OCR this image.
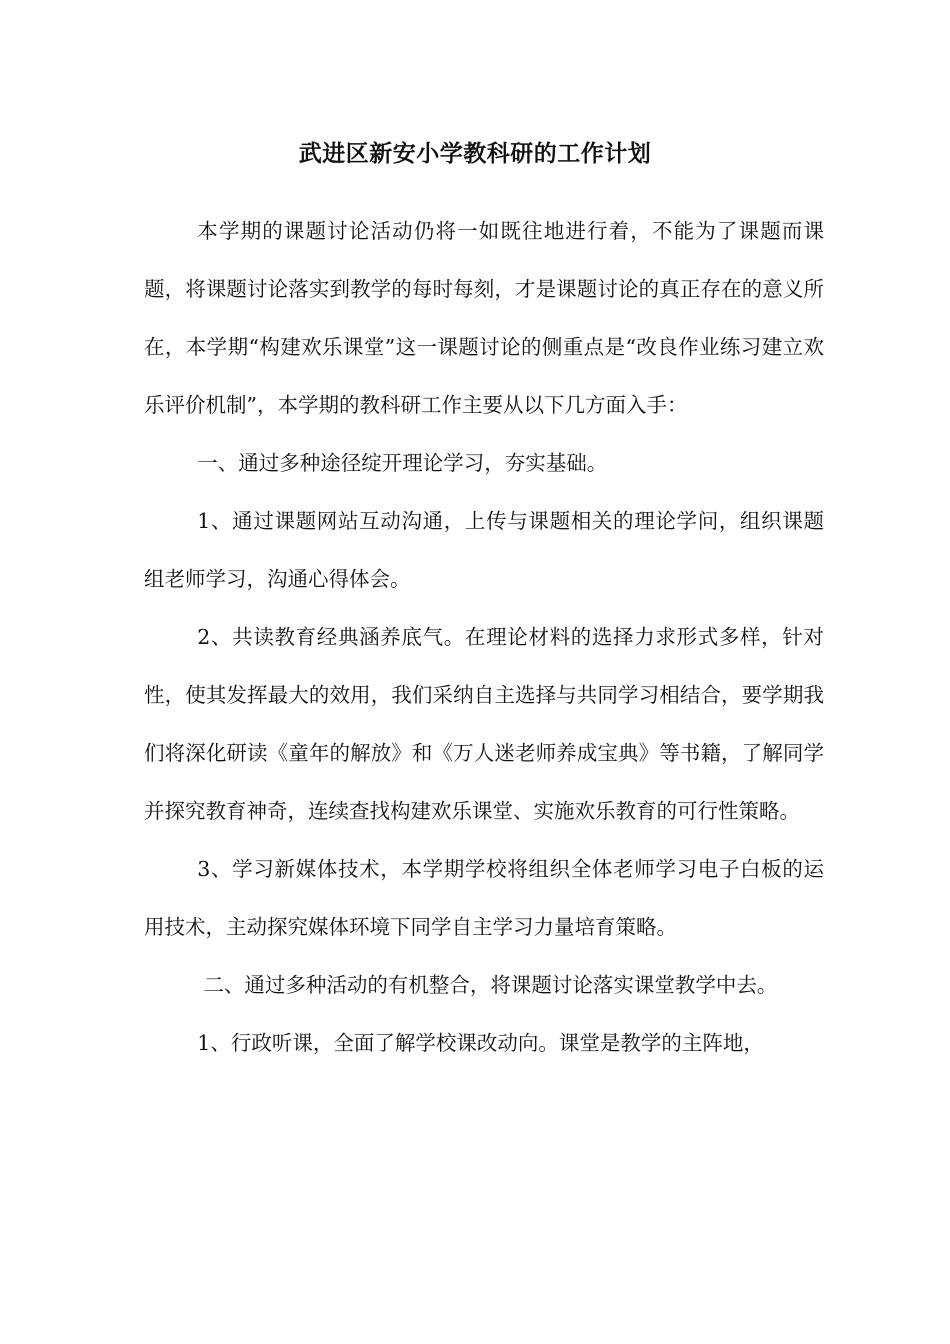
武进区新安小学教科研的工作计划

本学期的课题讨论活动仍将一如既往地进行着，不能为了课题而课题，将课题讨论落实到教学的每时每刻，才是课题讨论的真正存在的意义所在，本学期“构建欢乐课堂”这一课题讨论的侧重点是“改良作业练习建立欢乐评价机制”，本学期的教科研工作主要从以下几方面入手：

一、通过多种途径绽开理论学习，夯实基础。

1、通过课题网站互动沟通，上传与课题相关的理论学问，组织课题组老师学习，沟通心得体会。

2、共读教育经典涵养底气。在理论材料的选择力求形式多样，针对性，使其发挥最大的效用，我们采纳自主选择与共同学习相结合，要学期我们将深化研读《童年的解放》和《万人迷老师养成宝典》等书籍，了解同学并探究教育神奇，连续查找构建欢乐课堂、实施欢乐教育的可行性策略。

3、学习新媒体技术，本学期学校将组织全体老师学习电子白板的运用技术，主动探究媒体环境下同学自主学习力量培育策略。

二、通过多种活动的有机整合，将课题讨论落实课堂教学中去。

1、行政听课，全面了解学校课改动向。课堂是教学的主阵地，
